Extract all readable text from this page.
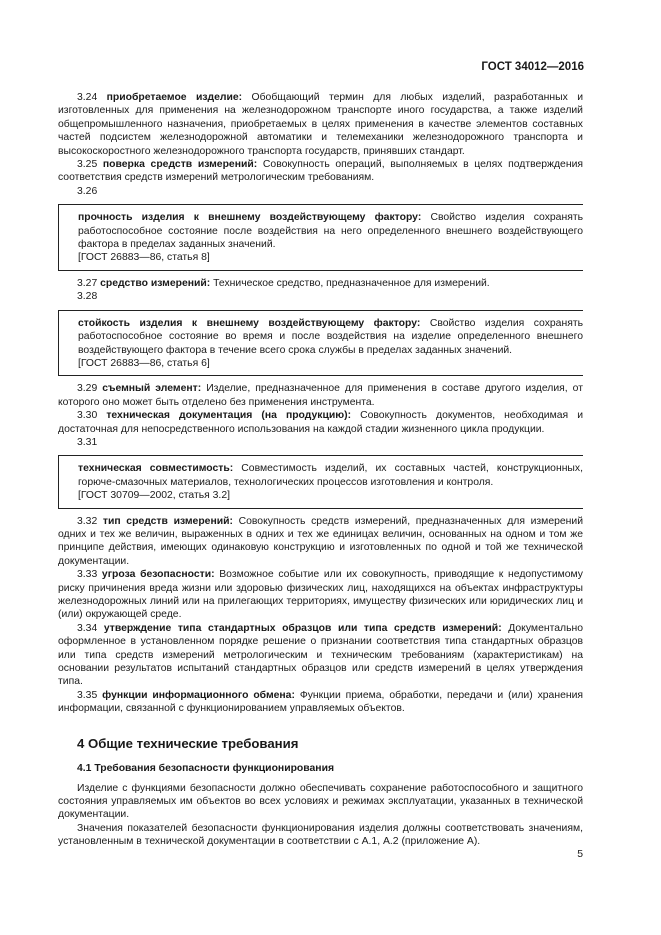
ГОСТ 34012—2016

3.24 приобретаемое изделие: Обобщающий термин для любых изделий, разработанных и изготовленных для применения на железнодорожном транспорте иного государства, а также изделий общепромышленного назначения, приобретаемых в целях применения в качестве элементов составных частей подсистем железнодорожной автоматики и телемеханики железнодорожного транспорта и высокоскоростного железнодорожного транспорта государств, принявших стандарт.

3.25 поверка средств измерений: Совокупность операций, выполняемых в целях подтверждения соответствия средств измерений метрологическим требованиям.

3.26

прочность изделия к внешнему воздействующему фактору: Свойство изделия сохранять работоспособное состояние после воздействия на него определенного внешнего воздействующего фактора в пределах заданных значений.

[ГОСТ 26883—86, статья 8]

3.27 средство измерений: Техническое средство, предназначенное для измерений.

3.28

стойкость изделия к внешнему воздействующему фактору: Свойство изделия сохранять работоспособное состояние во время и после воздействия на изделие определенного внешнего воздействующего фактора в течение всего срока службы в пределах заданных значений.

[ГОСТ 26883—86, статья 6]

3.29 съемный элемент: Изделие, предназначенное для применения в составе другого изделия, от которого оно может быть отделено без применения инструмента.

3.30 техническая документация (на продукцию): Совокупность документов, необходимая и достаточная для непосредственного использования на каждой стадии жизненного цикла продукции.

3.31

техническая совместимость: Совместимость изделий, их составных частей, конструкционных, горюче-смазочных материалов, технологических процессов изготовления и контроля.

[ГОСТ 30709—2002, статья 3.2]

3.32 тип средств измерений: Совокупность средств измерений, предназначенных для измерений одних и тех же величин, выраженных в одних и тех же единицах величин, основанных на одном и том же принципе действия, имеющих одинаковую конструкцию и изготовленных по одной и той же технической документации.

3.33 угроза безопасности: Возможное событие или их совокупность, приводящие к недопустимому риску причинения вреда жизни или здоровью физических лиц, находящихся на объектах инфраструктуры железнодорожных линий или на прилегающих территориях, имуществу физических или юридических лиц и (или) окружающей среде.

3.34 утверждение типа стандартных образцов или типа средств измерений: Документально оформленное в установленном порядке решение о признании соответствия типа стандартных образцов или типа средств измерений метрологическим и техническим требованиям (характеристикам) на основании результатов испытаний стандартных образцов или средств измерений в целях утверждения типа.

3.35 функции информационного обмена: Функции приема, обработки, передачи и (или) хранения информации, связанной с функционированием управляемых объектов.

4 Общие технические требования
4.1 Требования безопасности функционирования

Изделие с функциями безопасности должно обеспечивать сохранение работоспособного и защитного состояния управляемых им объектов во всех условиях и режимах эксплуатации, указанных в технической документации.

Значения показателей безопасности функционирования изделия должны соответствовать значениям, установленным в технической документации в соответствии с А.1, А.2 (приложение А).

5
